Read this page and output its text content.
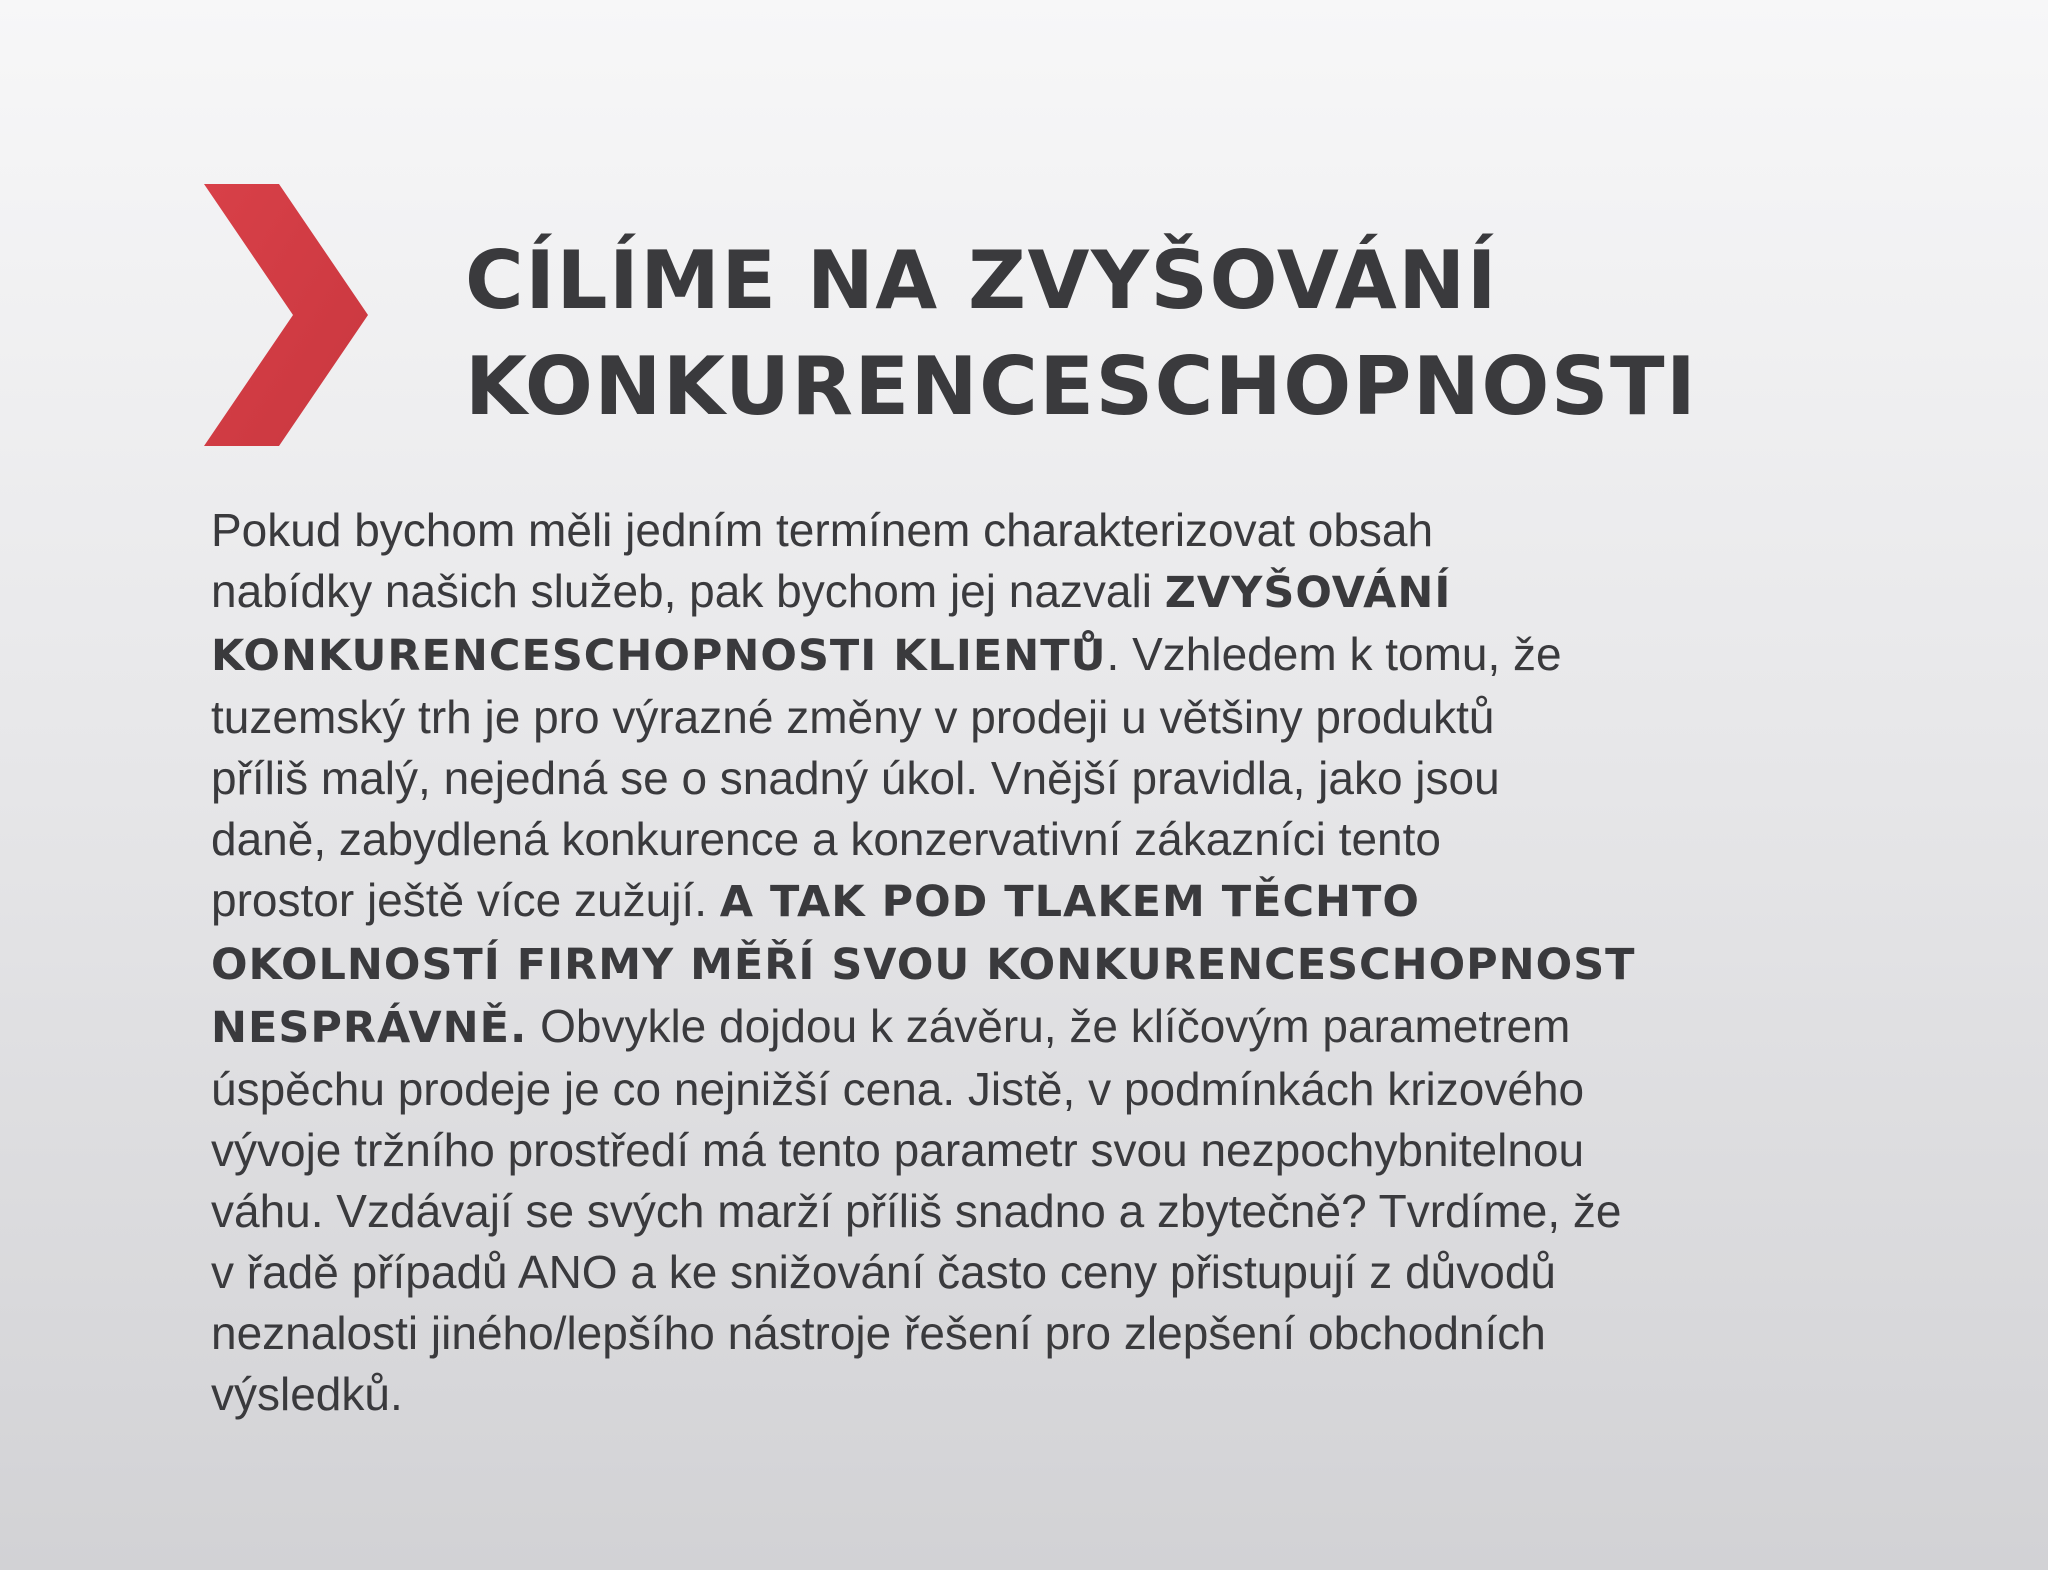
CÍLÍME NA ZVYŠOVÁNÍ
KONKURENCESCHOPNOSTI

Pokud bychom měli jedním termínem charakterizovat obsah
nabídky našich služeb, pak bychom jej nazvali ZVYŠOVÁNÍ
KONKURENCESCHOPNOSTI KLIENTŮ. Vzhledem k tomu, že
tuzemský trh je pro výrazné změny v prodeji u většiny produktů
příliš malý, nejedná se o snadný úkol. Vnější pravidla, jako jsou
daně, zabydlená konkurence a konzervativní zákazníci tento
prostor ještě více zužují. A TAK POD TLAKEM TĚCHTO
OKOLNOSTÍ FIRMY MĚŘÍ SVOU KONKURENCESCHOPNOST
NESPRÁVNĚ. Obvykle dojdou k závěru, že klíčovým parametrem
úspěchu prodeje je co nejnižší cena. Jistě, v podmínkách krizového
vývoje tržního prostředí má tento parametr svou nezpochybnitelnou
váhu. Vzdávají se svých marží příliš snadno a zbytečně? Tvrdíme, že
v řadě případů ANO a ke snižování často ceny přistupují z důvodů
neznalosti jiného/lepšího nástroje řešení pro zlepšení obchodních
výsledků.
